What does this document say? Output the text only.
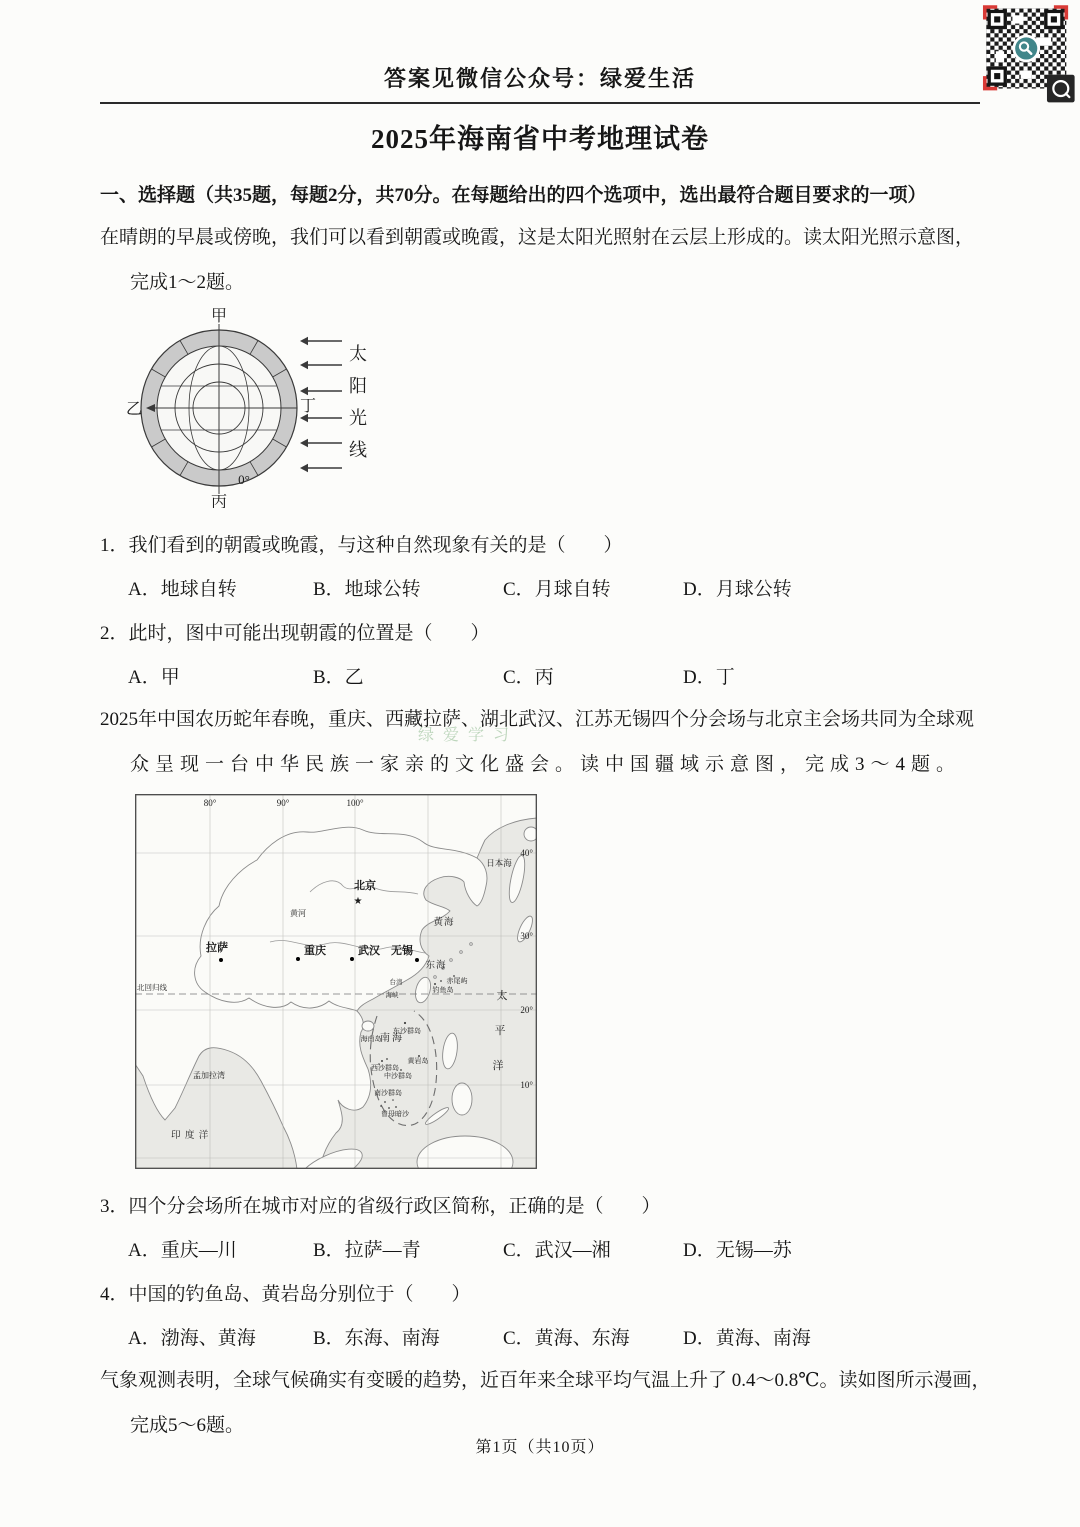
绿爱学习
答案见微信公众号：绿爱生活
2025年海南省中考地理试卷
一、选择题（共35题，每题2分，共70分。在每题给出的四个选项中，选出最符合题目要求的一项）

在晴朗的早晨或傍晚，我们可以看到朝霞或晚霞，这是太阳光照射在云层上形成的。读太阳光照示意图，

完成1～2题。

甲
乙
丙
丁
0°
太
阳
光
线

1．我们看到的朝霞或晚霞，与这种自然现象有关的是（　　）

A．地球自转	B．地球公转	C．月球自转	D．月球公转

2．此时，图中可能出现朝霞的位置是（　　）

A．甲	B．乙	C．丙	D．丁

2025年中国农历蛇年春晚，重庆、西藏拉萨、湖北武汉、江苏无锡四个分会场与北京主会场共同为全球观

众呈现一台中华民族一家亲的文化盛会。读中国疆域示意图，完成3～4题。

★
北京
拉萨	重庆	武汉 无锡
日本海
黄海
东海
南海
太
平
洋
印 度 洋
孟加拉湾
北回归线
黄河
台湾
海峡
钓鱼岛
赤尾屿
东沙群岛
海南岛
西沙群岛
黄岩岛
中沙群岛
南沙群岛
曾母暗沙
80°	90°	100°
40°
30°
20°
10°

3．四个分会场所在城市对应的省级行政区简称，正确的是（　　）

A．重庆—川	B．拉萨—青	C．武汉—湘	D．无锡—苏

4．中国的钓鱼岛、黄岩岛分别位于（　　）

A．渤海、黄海	B．东海、南海	C．黄海、东海	D．黄海、南海

气象观测表明，全球气候确实有变暖的趋势，近百年来全球平均气温上升了 0.4～0.8℃。读如图所示漫画，

完成5～6题。

第1页（共10页）
